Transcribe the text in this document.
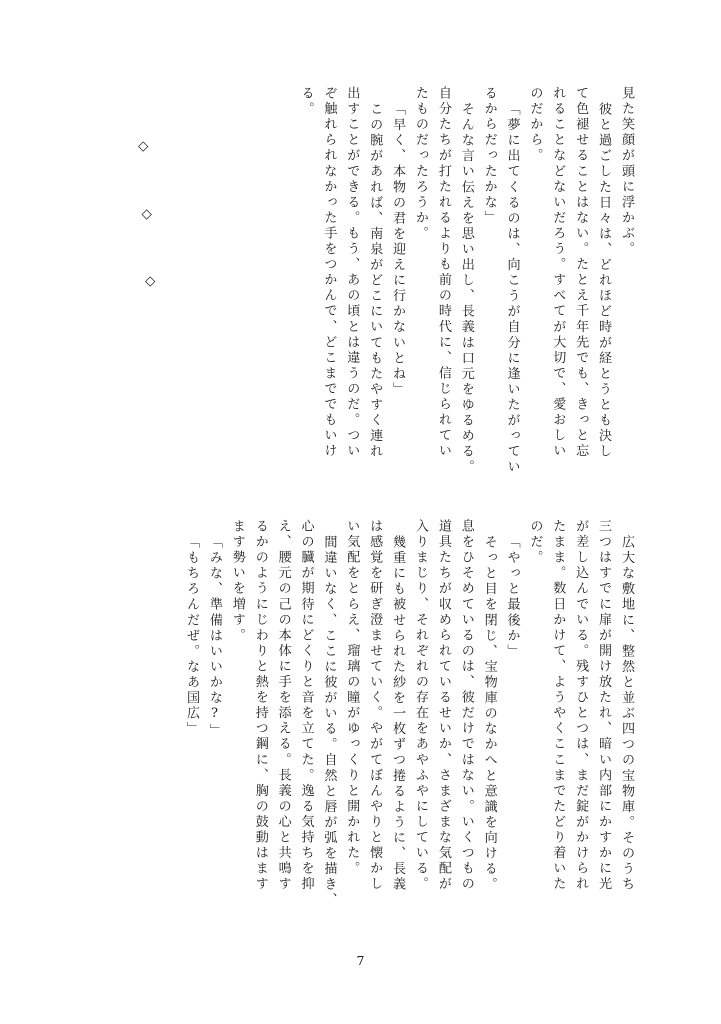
見た笑顔が頭に浮かぶ。
彼と過ごした日々は、どれほど時が経とうとも決し
て色褪せることはない。たとえ千年先でも、きっと忘
れることなどないだろう。すべてが大切で、愛おしい
のだから。
「夢に出てくるのは、向こうが自分に逢いたがってい
るからだったかな」
そんな言い伝えを思い出し、長義は口元をゆるめる。
自分たちが打たれるよりも前の時代に、信じられてい
たものだったろうか。
「早く、本物の君を迎えに行かないとね」
この腕があれば、南泉がどこにいてもたやすく連れ
出すことができる。もう、あの頃とは違うのだ。つい
ぞ触れられなかった手をつかんで、どこまででもいけ
る。
◇
◇
◇
広大な敷地に、整然と並ぶ四つの宝物庫。そのうち
三つはすでに扉が開け放たれ、暗い内部にかすかに光
が差し込んでいる。残すひとつは、まだ錠がかけられ
たまま。数日かけて、ようやくここまでたどり着いた
のだ。
「やっと最後か」
そっと目を閉じ、宝物庫のなかへと意識を向ける。
息をひそめているのは、彼だけではない。いくつもの
道具たちが収められているせいか、さまざまな気配が
入りまじり、それぞれの存在をあやふやにしている。
幾重にも被せられた紗を一枚ずつ捲るように、長義
は感覚を研ぎ澄ませていく。やがてぼんやりと懐かし
い気配をとらえ、瑠璃の瞳がゆっくりと開かれた。
間違いなく、ここに彼がいる。自然と唇が弧を描き、
心の臓が期待にどくりと音を立てた。逸る気持ちを抑
え、腰元の己の本体に手を添える。長義の心と共鳴す
るかのようにじわりと熱を持つ鋼に、胸の鼓動はます
ます勢いを増す。
「みな、準備はいいかな?」
「もちろんだぜ。なあ国広」
7
